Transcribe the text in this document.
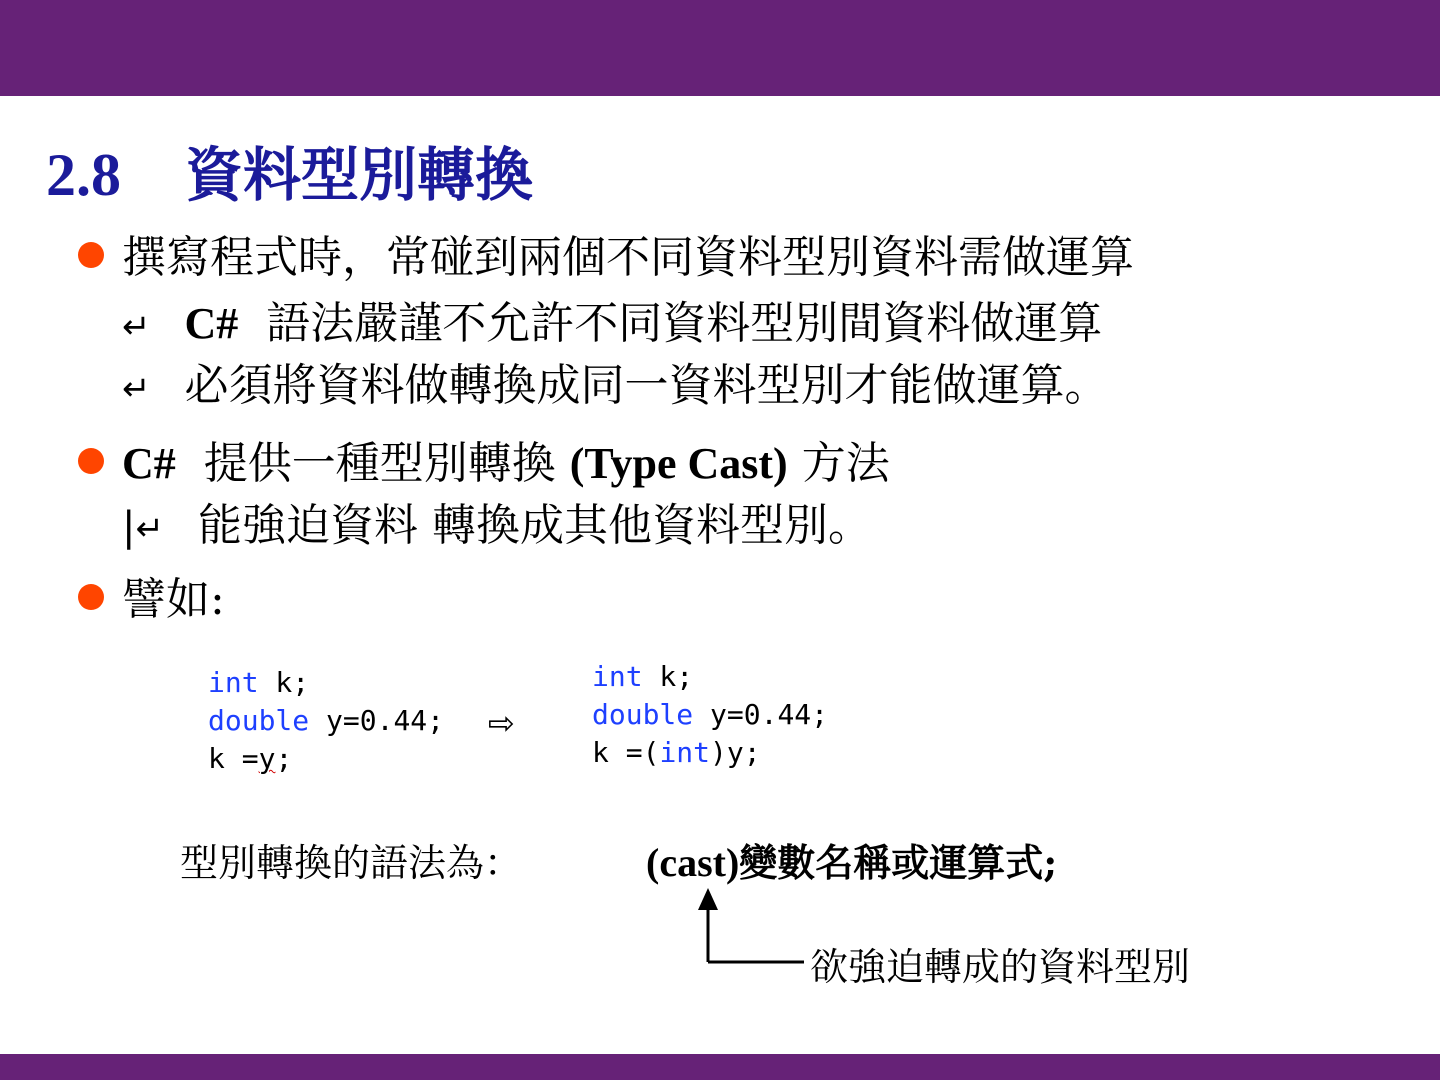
2.8 資料型別轉換
撰寫程式時，常碰到兩個不同資料型別資料需做運算
↵ C# 語法嚴謹不允許不同資料型別間資料做運算
↵ 必須將資料做轉換成同一資料型別才能做運算。
C# 提供一種型別轉換 (Type Cast) 方法
|↵ 能強迫資料 轉換成其他資料型別。
譬如:
int k;
double y=0.44;
k =y;
⇨
int k;
double y=0.44;
k =(int)y;
型別轉換的語法為：	(cast)變數名稱或運算式;
欲強迫轉成的資料型別
